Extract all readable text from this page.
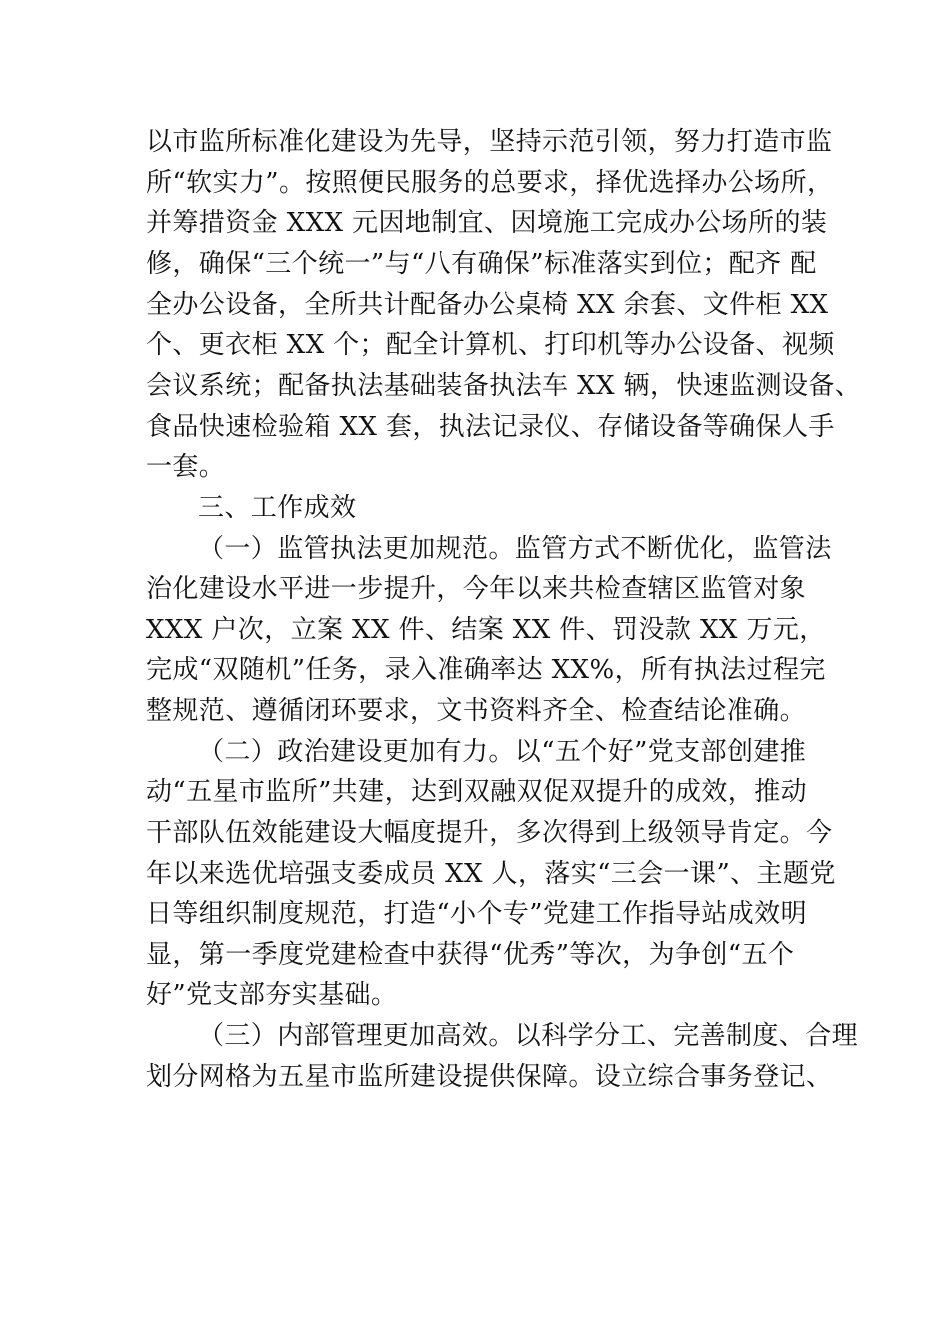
以市监所标准化建设为先导，坚持示范引领，努力打造市监
所“软实力”。按照便民服务的总要求，择优选择办公场所，
并筹措资金 XXX 元因地制宜、因境施工完成办公场所的装
修，确保“三个统一”与“八有确保”标准落实到位；配齐 配
全办公设备，全所共计配备办公桌椅 XX 余套、文件柜 XX
个、更衣柜 XX 个；配全计算机、打印机等办公设备、视频
会议系统；配备执法基础装备执法车 XX 辆，快速监测设备、
食品快速检验箱 XX 套，执法记录仪、存储设备等确保人手
一套。
三、工作成效
（一）监管执法更加规范。监管方式不断优化，监管法
治化建设水平进一步提升，今年以来共检查辖区监管对象
XXX 户次，立案 XX 件、结案 XX 件、罚没款 XX 万元，
完成“双随机”任务，录入准确率达 XX%，所有执法过程完
整规范、遵循闭环要求，文书资料齐全、检查结论准确。
（二）政治建设更加有力。以“五个好”党支部创建推
动“五星市监所”共建，达到双融双促双提升的成效，推动
干部队伍效能建设大幅度提升，多次得到上级领导肯定。今
年以来选优培强支委成员 XX 人，落实“三会一课”、主题党
日等组织制度规范，打造“小个专”党建工作指导站成效明
显，第一季度党建检查中获得“优秀”等次，为争创“五个
好”党支部夯实基础。
（三）内部管理更加高效。以科学分工、完善制度、合理
划分网格为五星市监所建设提供保障。设立综合事务登记、
